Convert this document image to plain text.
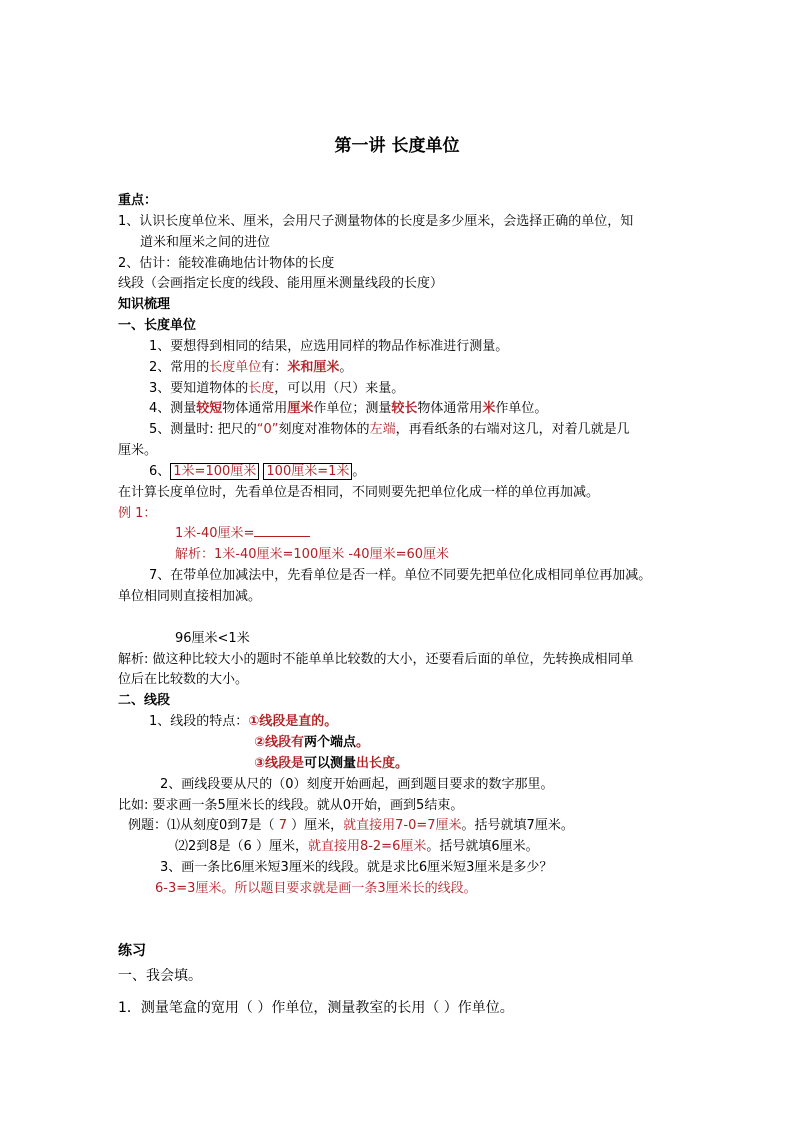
第一讲 长度单位
重点：
1、认识长度单位米、厘米，会用尺子测量物体的长度是多少厘米，会选择正确的单位，知
道米和厘米之间的进位
2、估计：能较准确地估计物体的长度
线段（会画指定长度的线段、能用厘米测量线段的长度）
知识梳理
一、长度单位
1、要想得到相同的结果，应选用同样的物品作标准进行测量。
2、常用的长度单位有：米和厘米。
3、要知道物体的长度，可以用（尺）来量。
4、测量较短物体通常用厘米作单位；测量较长物体通常用米作单位。
5、测量时: 把尺的“0”刻度对准物体的左端，再看纸条的右端对这几，对着几就是几
厘米。
6、 1米=100厘米 100厘米=1米 。
在计算长度单位时，先看单位是否相同，不同则要先把单位化成一样的单位再加减。
例 1：
1米-40厘米=
解析：1米-40厘米=100厘米 -40厘米=60厘米
7、在带单位加减法中，先看单位是否一样。单位不同要先把单位化成相同单位再加减。
单位相同则直接相加减。
96厘米<1米
解析: 做这种比较大小的题时不能单单比较数的大小，还要看后面的单位，先转换成相同单
位后在比较数的大小。
二、线段
1、线段的特点：①线段是直的。
②线段有两个端点。
③线段是可以测量出长度。
2、画线段要从尺的（0）刻度开始画起，画到题目要求的数字那里。
比如: 要求画一条5厘米长的线段。就从0开始，画到5结束。
例题：⑴从刻度0到7是（ 7 ）厘米，就直接用7-0=7厘米。括号就填7厘米。
⑵2到8是（6 ）厘米，就直接用8-2=6厘米。括号就填6厘米。
3、画一条比6厘米短3厘米的线段。就是求比6厘米短3厘米是多少？
6-3=3厘米。所以题目要求就是画一条3厘米长的线段。
练习
一、我会填。
1．测量笔盒的宽用（ ）作单位，测量教室的长用（ ）作单位。
